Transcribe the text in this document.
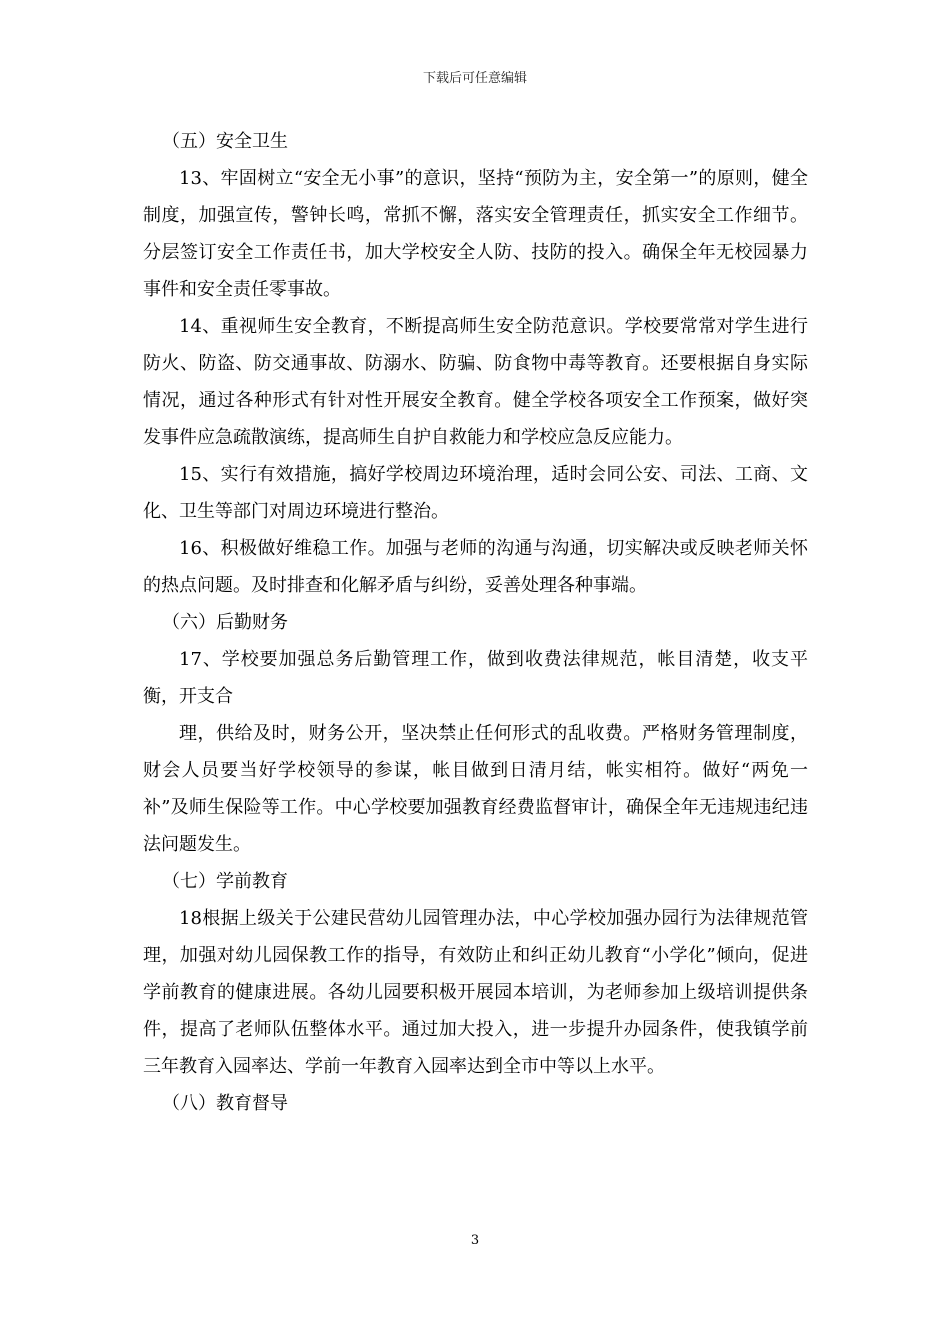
下载后可任意编辑

（五）安全卫生

13、牢固树立“安全无小事”的意识，坚持“预防为主，安全第一”的原则，健全制度，加强宣传，警钟长鸣，常抓不懈，落实安全管理责任，抓实安全工作细节。分层签订安全工作责任书，加大学校安全人防、技防的投入。确保全年无校园暴力事件和安全责任零事故。

14、重视师生安全教育，不断提高师生安全防范意识。学校要常常对学生进行防火、防盗、防交通事故、防溺水、防骗、防食物中毒等教育。还要根据自身实际情况，通过各种形式有针对性开展安全教育。健全学校各项安全工作预案，做好突发事件应急疏散演练，提高师生自护自救能力和学校应急反应能力。

15、实行有效措施，搞好学校周边环境治理，适时会同公安、司法、工商、文化、卫生等部门对周边环境进行整治。

16、积极做好维稳工作。加强与老师的沟通与沟通，切实解决或反映老师关怀的热点问题。及时排查和化解矛盾与纠纷，妥善处理各种事端。

（六）后勤财务

17、学校要加强总务后勤管理工作，做到收费法律规范，帐目清楚，收支平衡，开支合

理，供给及时，财务公开，坚决禁止任何形式的乱收费。严格财务管理制度，财会人员要当好学校领导的参谋，帐目做到日清月结，帐实相符。做好“两免一补”及师生保险等工作。中心学校要加强教育经费监督审计，确保全年无违规违纪违法问题发生。

（七）学前教育

18根据上级关于公建民营幼儿园管理办法，中心学校加强办园行为法律规范管理，加强对幼儿园保教工作的指导，有效防止和纠正幼儿教育“小学化”倾向，促进学前教育的健康进展。各幼儿园要积极开展园本培训，为老师参加上级培训提供条件，提高了老师队伍整体水平。通过加大投入，进一步提升办园条件，使我镇学前三年教育入园率达、学前一年教育入园率达到全市中等以上水平。

（八）教育督导

3
